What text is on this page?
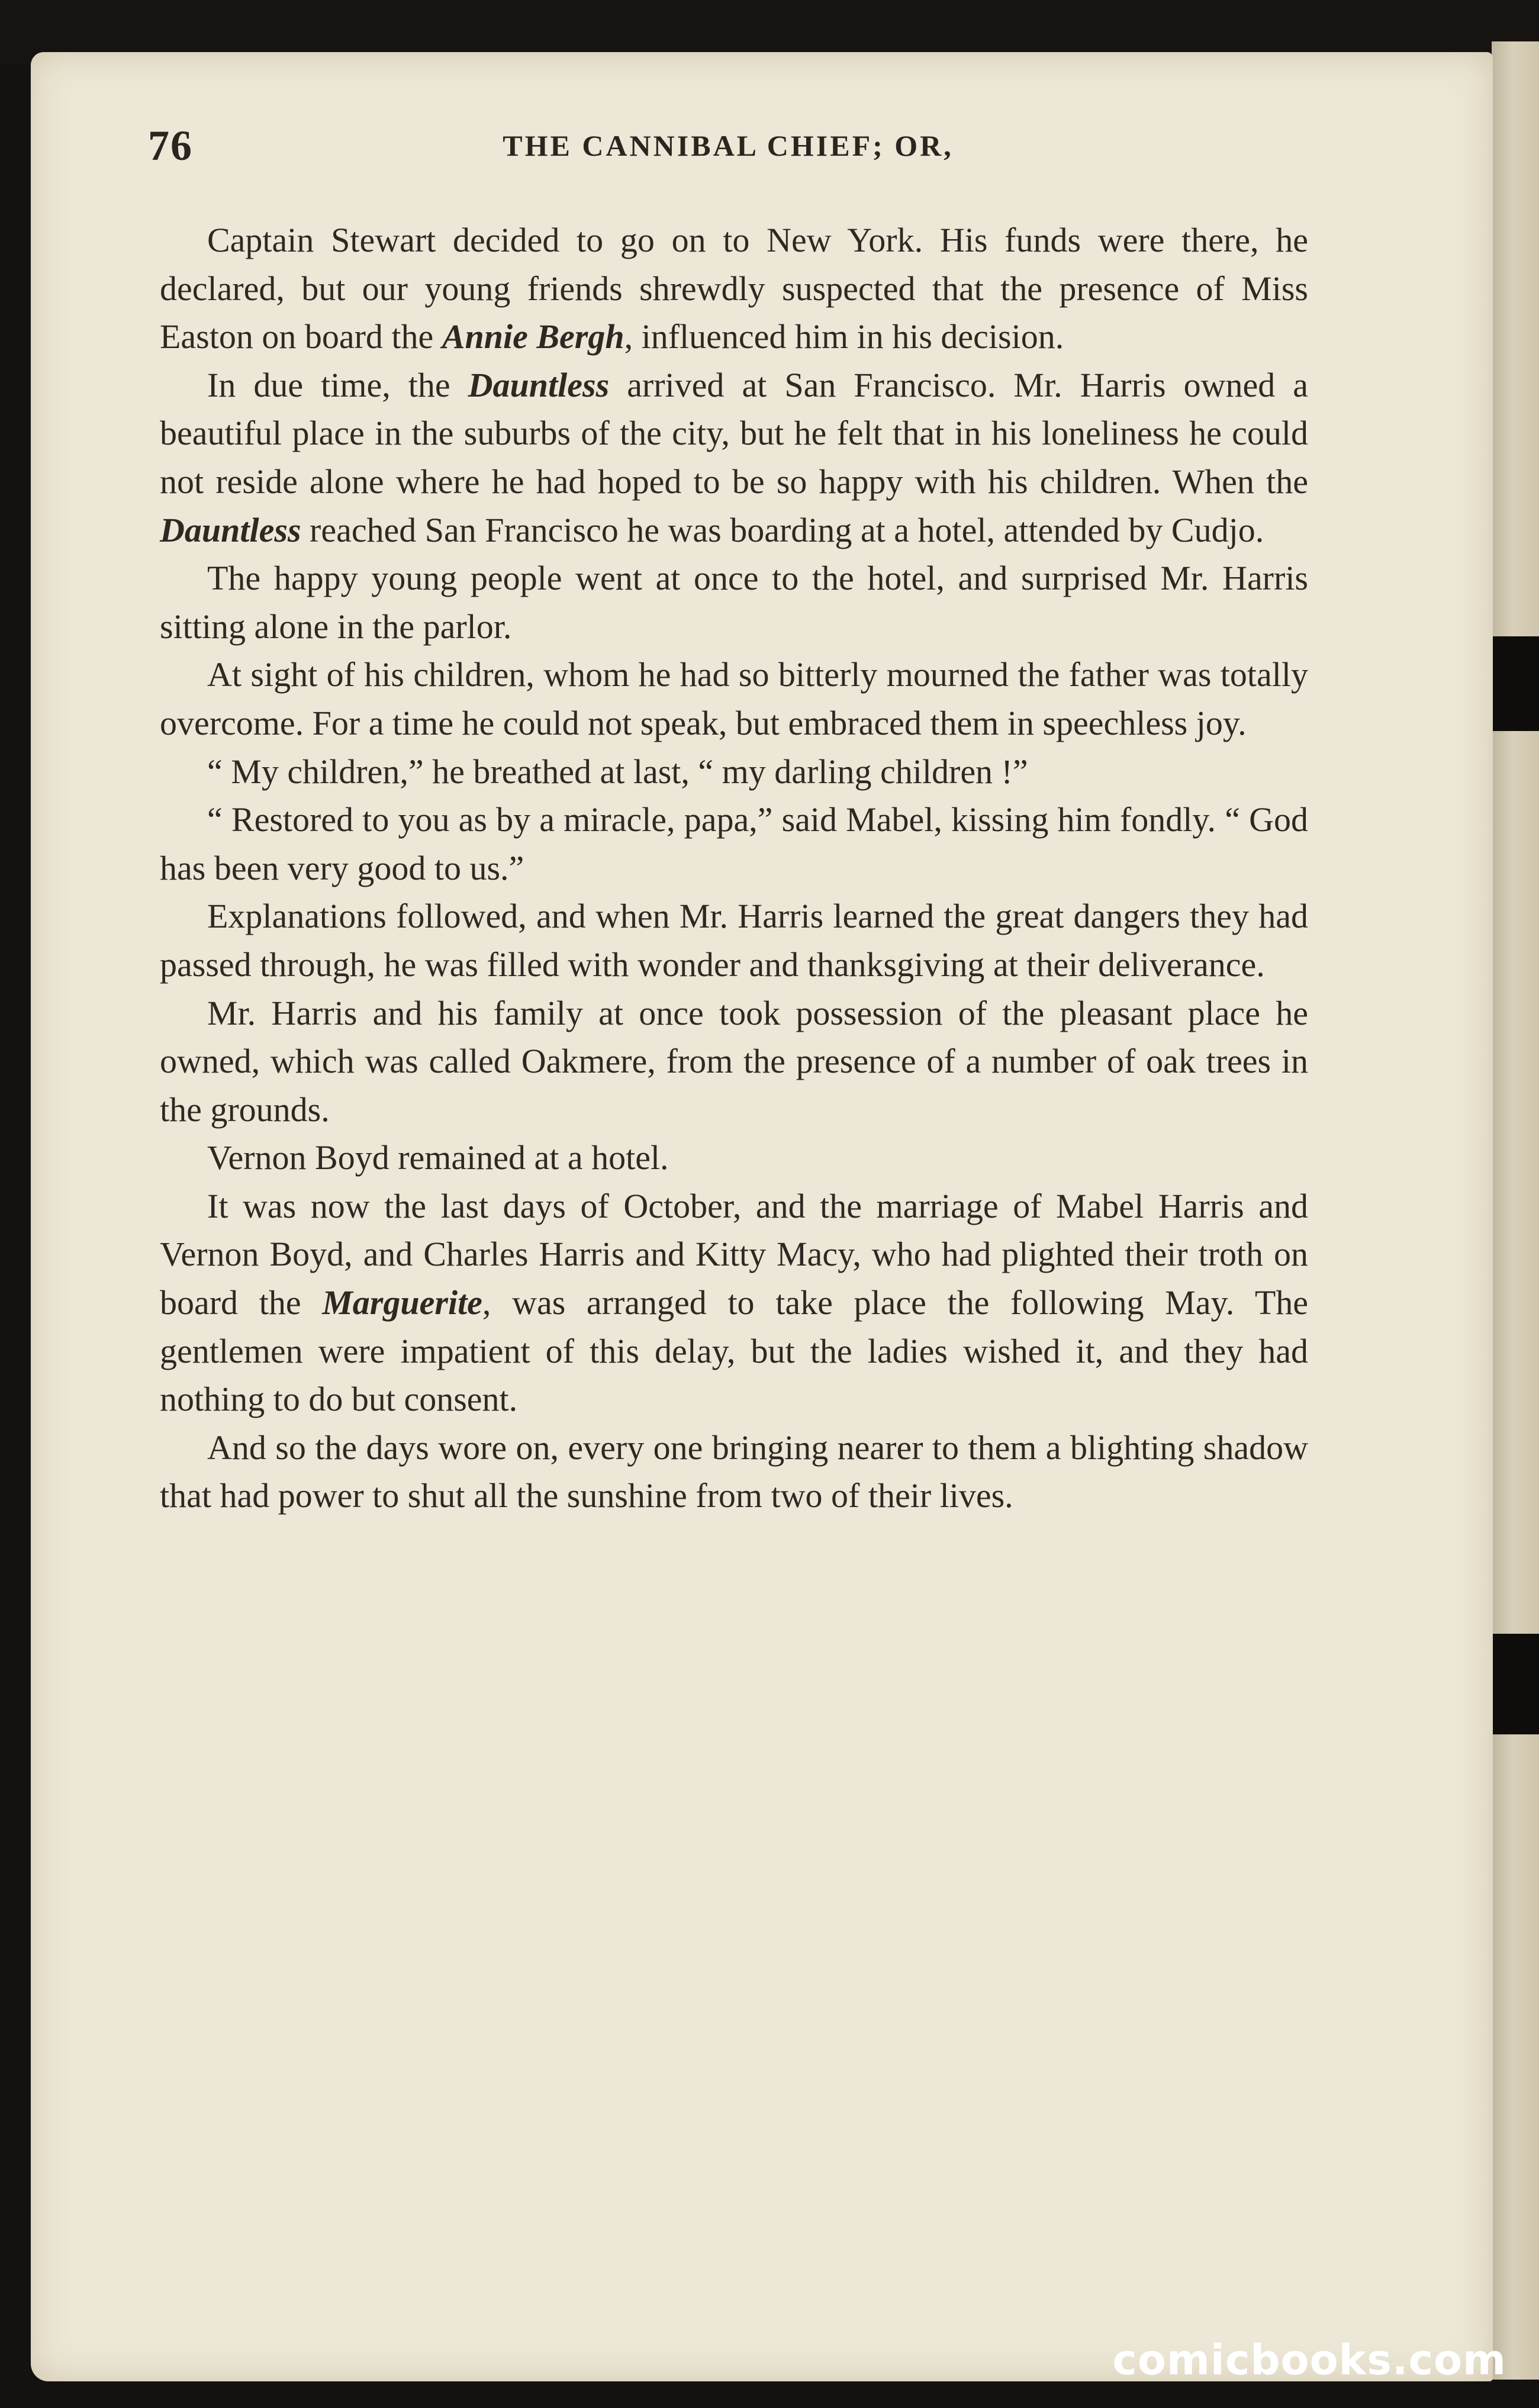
76	THE CANNIBAL CHIEF; OR,

Captain Stewart decided to go on to New York. His funds were there, he declared, but our young friends shrewdly suspected that the presence of Miss Easton on board the Annie Bergh, influenced him in his decision.

In due time, the Dauntless arrived at San Francisco. Mr. Harris owned a beautiful place in the suburbs of the city, but he felt that in his loneliness he could not reside alone where he had hoped to be so happy with his children. When the Dauntless reached San Francisco he was boarding at a hotel, attended by Cudjo.

The happy young people went at once to the hotel, and surprised Mr. Harris sitting alone in the parlor.

At sight of his children, whom he had so bitterly mourned the father was totally overcome. For a time he could not speak, but embraced them in speechless joy.

“ My children,” he breathed at last, “ my darling children !”

“ Restored to you as by a miracle, papa,” said Mabel, kissing him fondly. “ God has been very good to us.”

Explanations followed, and when Mr. Harris learned the great dangers they had passed through, he was filled with wonder and thanksgiving at their deliverance.

Mr. Harris and his family at once took possession of the pleasant place he owned, which was called Oakmere, from the presence of a number of oak trees in the grounds.

Vernon Boyd remained at a hotel.

It was now the last days of October, and the marriage of Mabel Harris and Vernon Boyd, and Charles Harris and Kitty Macy, who had plighted their troth on board the Marguerite, was arranged to take place the following May. The gentlemen were impatient of this delay, but the ladies wished it, and they had nothing to do but consent.

And so the days wore on, every one bringing nearer to them a blighting shadow that had power to shut all the sunshine from two of their lives.

comicbooks.com
